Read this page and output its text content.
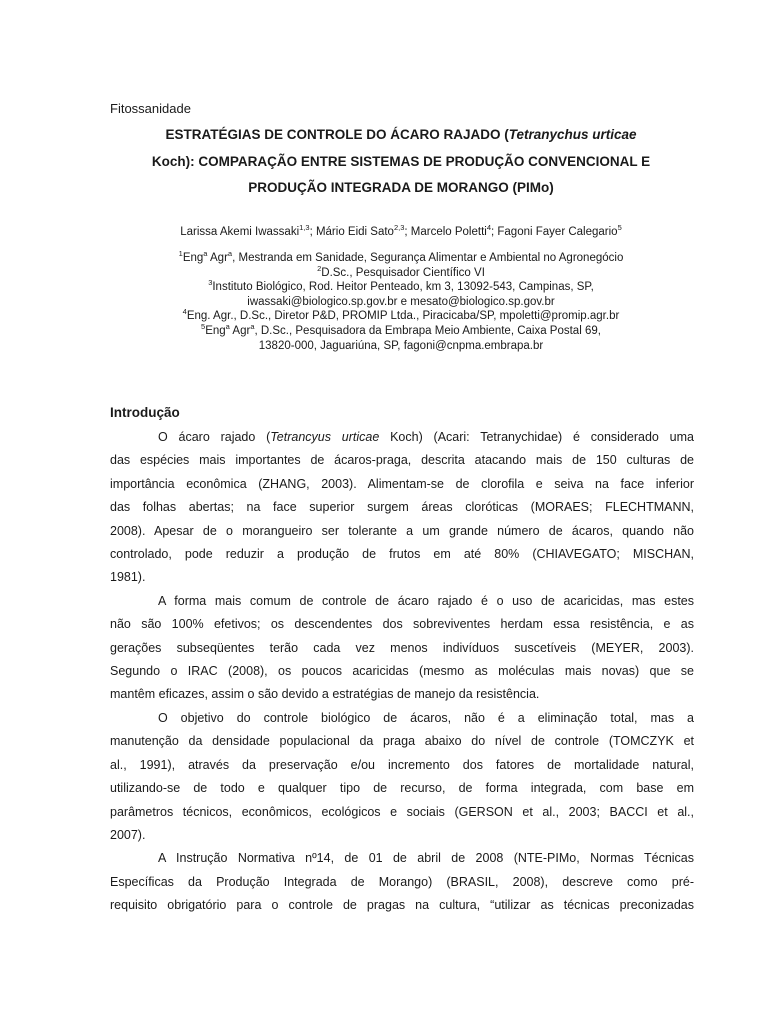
Fitossanidade
ESTRATÉGIAS DE CONTROLE DO ÁCARO RAJADO (Tetranychus urticae
Koch): COMPARAÇÃO ENTRE SISTEMAS DE PRODUÇÃO CONVENCIONAL E
PRODUÇÃO INTEGRADA DE MORANGO (PIMo)
Larissa Akemi Iwassaki$^{1,3}$; Mário Eidi Sato$^{2,3}$; Marcelo Poletti$^4$; Fagoni Fayer Calegario$^5$
$^1$Eng$^a$ Agr$^a$, Mestranda em Sanidade, Segurança Alimentar e Ambiental no Agronegócio
$^2$D.Sc., Pesquisador Científico VI
$^3$Instituto Biológico, Rod. Heitor Penteado, km 3, 13092-543, Campinas, SP,
iwassaki@biologico.sp.gov.br e mesato@biologico.sp.gov.br
$^4$Eng. Agr., D.Sc., Diretor P&D, PROMIP Ltda., Piracicaba/SP, mpoletti@promip.agr.br
$^5$Eng$^a$ Agr$^a$, D.Sc., Pesquisadora da Embrapa Meio Ambiente, Caixa Postal 69,
13820-000, Jaguariúna, SP, fagoni@cnpma.embrapa.br
Introdução
O ácaro rajado (Tetrancyus urticae Koch) (Acari: Tetranychidae) é considerado uma
das espécies mais importantes de ácaros-praga, descrita atacando mais de 150 culturas de
importância econômica (ZHANG, 2003). Alimentam-se de clorofila e seiva na face inferior
das folhas abertas; na face superior surgem áreas cloróticas (MORAES; FLECHTMANN,
2008). Apesar de o morangueiro ser tolerante a um grande número de ácaros, quando não
controlado, pode reduzir a produção de frutos em até 80% (CHIAVEGATO; MISCHAN,
1981).
A forma mais comum de controle de ácaro rajado é o uso de acaricidas, mas estes
não são 100% efetivos; os descendentes dos sobreviventes herdam essa resistência, e as
gerações subseqüentes terão cada vez menos indivíduos suscetíveis (MEYER, 2003).
Segundo o IRAC (2008), os poucos acaricidas (mesmo as moléculas mais novas) que se
mantêm eficazes, assim o são devido a estratégias de manejo da resistência.
O objetivo do controle biológico de ácaros, não é a eliminação total, mas a
manutenção da densidade populacional da praga abaixo do nível de controle (TOMCZYK et
al., 1991), através da preservação e/ou incremento dos fatores de mortalidade natural,
utilizando-se de todo e qualquer tipo de recurso, de forma integrada, com base em
parâmetros técnicos, econômicos, ecológicos e sociais (GERSON et al., 2003; BACCI et al.,
2007).
A Instrução Normativa nº14, de 01 de abril de 2008 (NTE-PIMo, Normas Técnicas
Específicas da Produção Integrada de Morango) (BRASIL, 2008), descreve como pré-
requisito obrigatório para o controle de pragas na cultura, “utilizar as técnicas preconizadas
